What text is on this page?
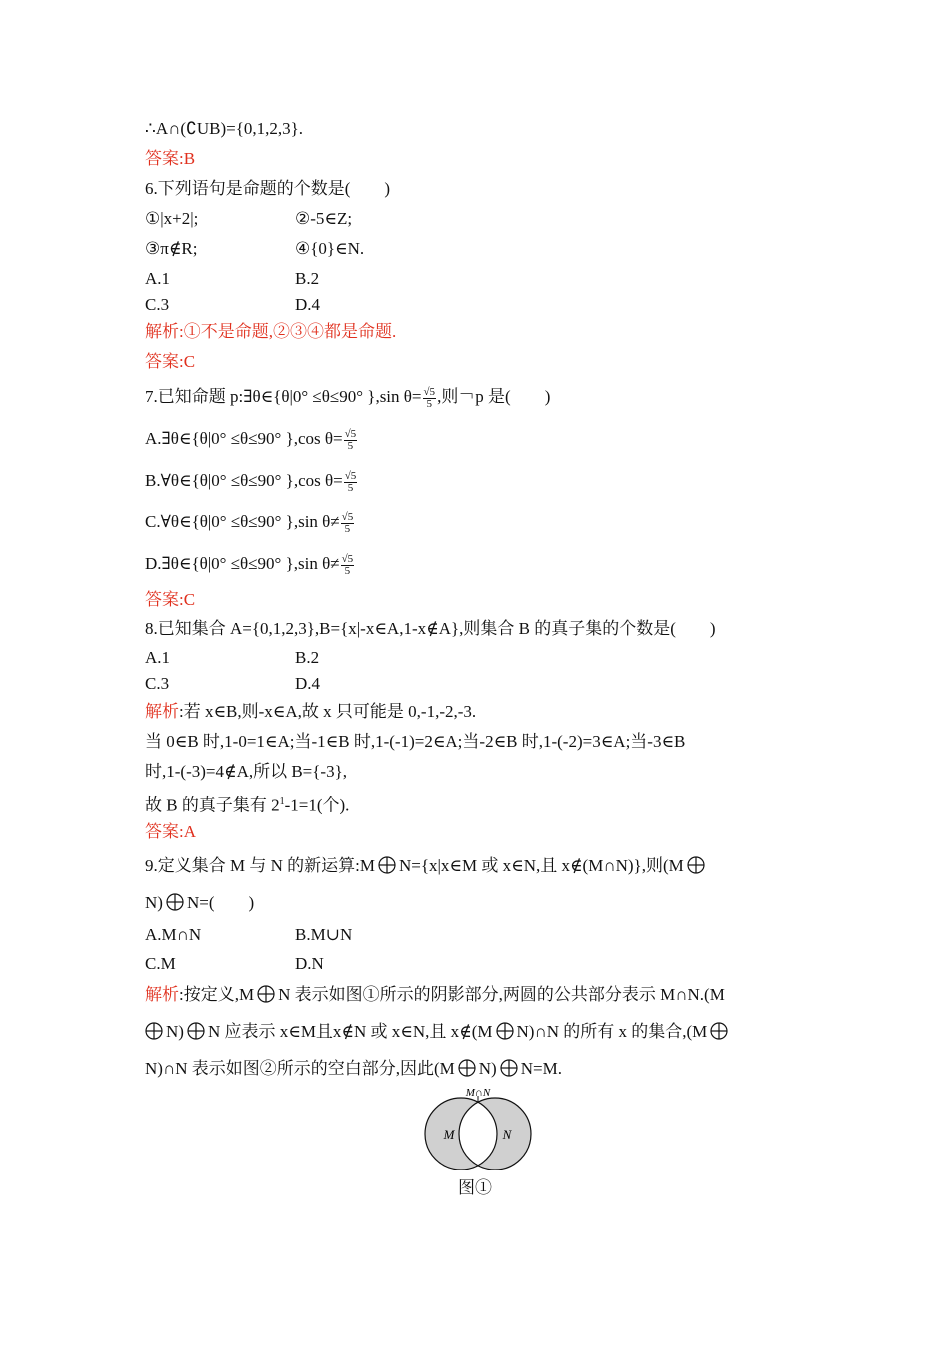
∴A∩(∁UB)={0,1,2,3}.
答案:B
6.下列语句是命题的个数是(　　)
①|x+2|;	②-5∈Z;
③π∉R;	④{0}∈N.
A.1	B.2
C.3	D.4
解析:①不是命题,②③④都是命题.
答案:C
7.已知命题 p:∃θ∈{θ|0° ≤θ≤90° },sin $\theta= \frac{√5}{5}$ ,则￢p 是(　　)
A.∃θ∈{θ|0° ≤θ≤90° },cos $\theta= \frac{√5}{5}$
B.∀θ∈{θ|0° ≤θ≤90° },cos $\theta= \frac{√5}{5}$
C.∀θ∈{θ|0° ≤θ≤90° },sin $\theta\ne \frac{√5}{5}$
D.∃θ∈{θ|0° ≤θ≤90° },sin $\theta\ne \frac{√5}{5}$
答案:C
8.已知集合 A={0,1,2,3},B={x|-x∈A,1-x∉A},则集合 B 的真子集的个数是(　　)
A.1	B.2
C.3	D.4
解析:若 x∈B,则-x∈A,故 x 只可能是 0,-1,-2,-3.
当 0∈B 时,1-0=1∈A;当-1∈B 时,1-(-1)=2∈A;当-2∈B 时,1-(-2)=3∈A;当-3∈B
时,1-(-3)=4∉A,所以 B={-3},
故 B 的真子集有 $2^1-1=1$(个).
答案:A
9.定义集合 M 与 N 的新运算:M N={x|x∈M 或 x∈N,且 x∉(M∩N)},则(M
N) N=(　　)
A.M∩N	B.M∪N
C.M	D.N
解析:按定义,M N 表示如图①所示的阴影部分,两圆的公共部分表示 M∩N.(M
N) N 应表示 x∈M且x∉N 或 x∈N,且 x∉(M N)∩N 的所有 x 的集合,(M
N)∩N 表示如图②所示的空白部分,因此(M N) N=M.
M∩N
M	N
图①
